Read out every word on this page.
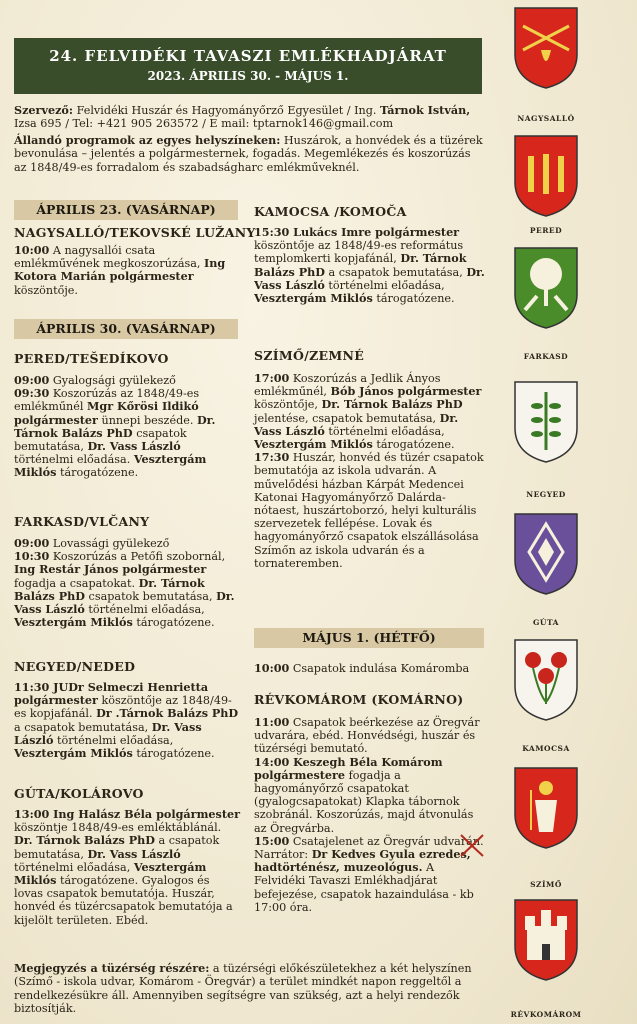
24. FELVIDÉKI TAVASZI EMLÉKHADJÁRAT
2023. ÁPRILIS 30. - MÁJUS 1.
Szervező: Felvidéki Huszár és Hagyományőrző Egyesület / Ing. Tárnok István, Izsa 695 / Tel: +421 905 263572 / E mail: tptarnok146@gmail.com
Állandó programok az egyes helyszíneken: Huszárok, a honvédek és a tüzérek bevonulása – jelentés a polgármesternek, fogadás. Megemlékezés és koszorúzás az 1848/49-es forradalom és szabadságharc emlékműveknél.
ÁPRILIS 23. (VASÁRNAP)
NAGYSALLÓ/TEKOVSKÉ LUŽANY
10:00 A nagysallói csata emlékművének megkoszorúzása, Ing Kotora Marián polgármester köszöntője.
ÁPRILIS 30. (VASÁRNAP)
PERED/TEŠEDÍKOVO
09:00 Gyalogsági gyülekező
09:30 Koszorúzás az 1848/49-es emlékműnél Mgr Kőrösi Ildikó polgármester ünnepi beszéde. Dr. Tárnok Balázs PhD csapatok bemutatása, Dr. Vass László történelmi előadása. Vesztergám Miklós tárogatózene.
FARKASD/VLČANY
09:00 Lovassági gyülekező
10:30 Koszorúzás a Petőfi szobornál, Ing Restár János polgármester fogadja a csapatokat. Dr. Tárnok Balázs PhD csapatok bemutatása, Dr. Vass László történelmi előadása, Vesztergám Miklós tárogatózene.
NEGYED/NEDED
11:30 JUDr Selmeczi Henrietta polgármester köszöntője az 1848/49-es kopjafánál. Dr .Tárnok Balázs PhD a csapatok bemutatása, Dr. Vass László történelmi előadása, Vesztergám Miklós tárogatózene.
GÚTA/KOLÁROVO
13:00 Ing Halász Béla polgármester köszöntje 1848/49-es emléktáblánál. Dr. Tárnok Balázs PhD a csapatok bemutatása, Dr. Vass László történelmi előadása, Vesztergám Miklós tárogatózene. Gyalogos és lovas csapatok bemutatója. Huszár, honvéd és tüzércsapatok bemutatója a kijelölt területen. Ebéd.
KAMOCSA /KOMOČA
15:30 Lukács Imre polgármester köszöntője az 1848/49-es református templomkerti kopjafánál, Dr. Tárnok Balázs PhD a csapatok bemutatása, Dr. Vass László történelmi előadása, Vesztergám Miklós tárogatózene.
SZÍMŐ/ZEMNÉ
17:00 Koszorúzás a Jedlik Ányos emlékműnél, Bób János polgármester köszöntője, Dr. Tárnok Balázs PhD jelentése, csapatok bemutatása, Dr. Vass László történelmi előadása, Vesztergám Miklós tárogatózene.
17:30 Huszár, honvéd és tüzér csapatok bemutatója az iskola udvarán. A művelődési házban Kárpát Medencei Katonai Hagyományőrző Dalárda- nótaest, huszártoborzó, helyi kulturális szervezetek fellépése. Lovak és hagyományőrző csapatok elszállásolása Szímőn az iskola udvarán és a tornateremben.
MÁJUS 1. (HÉTFŐ)
10:00 Csapatok indulása Komáromba
RÉVKOMÁROM (KOMÁRNO)
11:00 Csapatok beérkezése az Öregvár udvarára, ebéd. Honvédségi, huszár és tüzérségi bemutató.
14:00 Keszegh Béla Komárom polgármestere fogadja a hagyományőrző csapatokat (gyalogcsapatokat) Klapka tábornok szobránál. Koszorúzás, majd átvonulás az Öregvárba.
15:00 Csatajelenet az Öregvár udvarán. Narrátor: Dr Kedves Gyula ezredes, hadtörténész, muzeológus. A Felvidéki Tavaszi Emlékhadjárat befejezése, csapatok hazaindulása - kb 17:00 óra.
Megjegyzés a tüzérség részére: a tüzérségi előkészületekhez a két helyszínen (Szímő - iskola udvar, Komárom - Öregvár) a terület mindkét napon reggeltől a rendelkezésükre áll. Amennyiben segítségre van szükség, azt a helyi rendezők biztosítják.
NAGYSALLÓ
PERED
FARKASD
NEGYED
GÚTA
KAMOCSA
SZÍMŐ
RÉVKOMÁROM
